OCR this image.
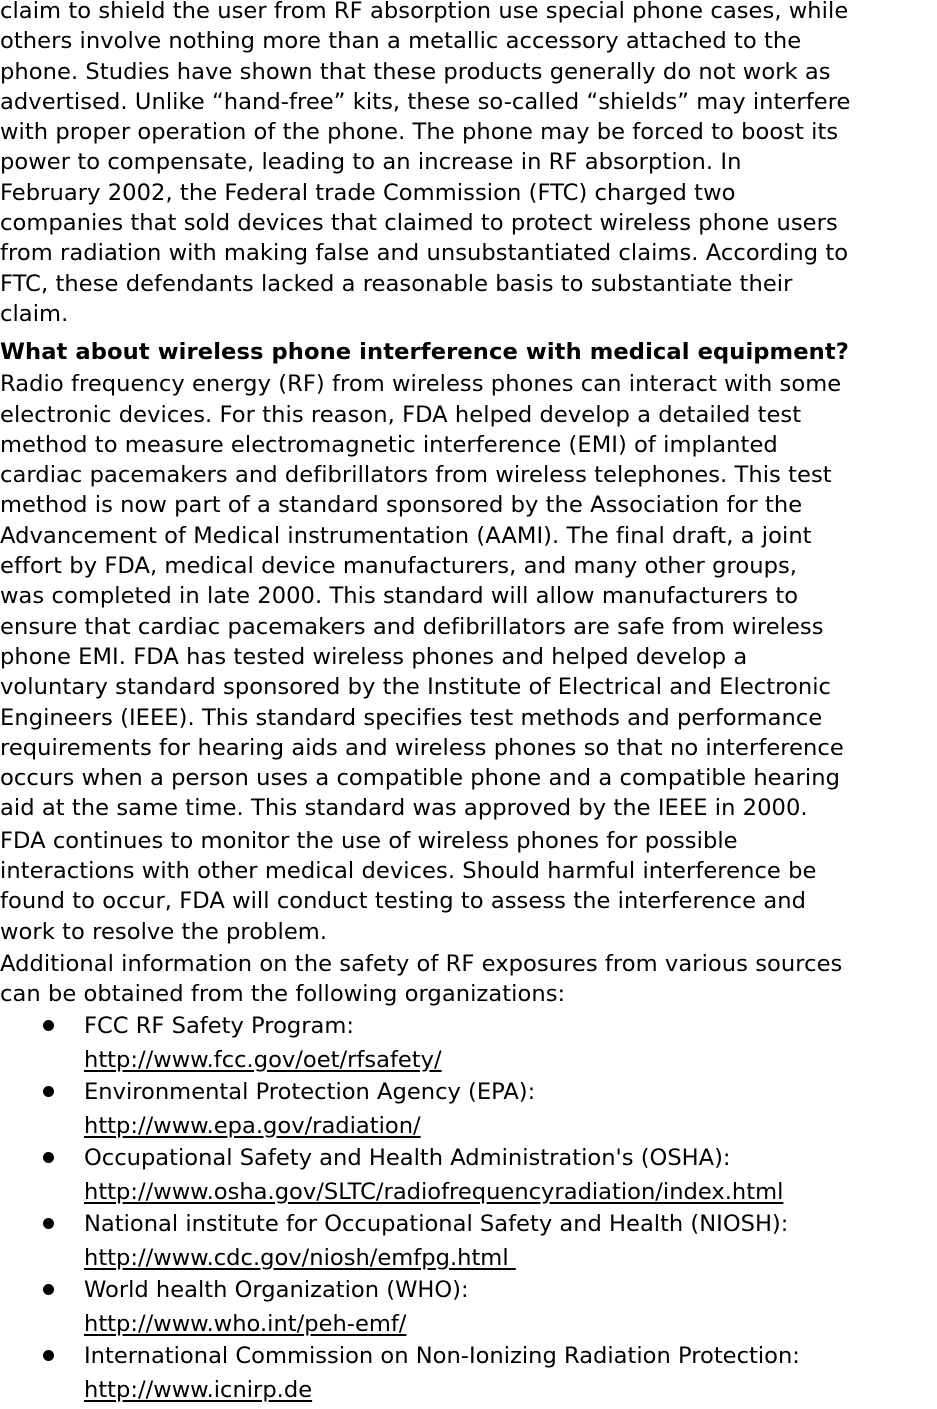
claim to shield the user from RF absorption use special phone cases, while
others involve nothing more than a metallic accessory attached to the
phone. Studies have shown that these products generally do not work as
advertised. Unlike “hand-free” kits, these so-called “shields” may interfere
with proper operation of the phone. The phone may be forced to boost its
power to compensate, leading to an increase in RF absorption. In
February 2002, the Federal trade Commission (FTC) charged two
companies that sold devices that claimed to protect wireless phone users
from radiation with making false and unsubstantiated claims. According to
FTC, these defendants lacked a reasonable basis to substantiate their
claim.

What about wireless phone interference with medical equipment?

Radio frequency energy (RF) from wireless phones can interact with some
electronic devices. For this reason, FDA helped develop a detailed test
method to measure electromagnetic interference (EMI) of implanted
cardiac pacemakers and defibrillators from wireless telephones. This test
method is now part of a standard sponsored by the Association for the
Advancement of Medical instrumentation (AAMI). The final draft, a joint
effort by FDA, medical device manufacturers, and many other groups,
was completed in late 2000. This standard will allow manufacturers to
ensure that cardiac pacemakers and defibrillators are safe from wireless
phone EMI. FDA has tested wireless phones and helped develop a
voluntary standard sponsored by the Institute of Electrical and Electronic
Engineers (IEEE). This standard specifies test methods and performance
requirements for hearing aids and wireless phones so that no interference
occurs when a person uses a compatible phone and a compatible hearing
aid at the same time. This standard was approved by the IEEE in 2000.

FDA continues to monitor the use of wireless phones for possible
interactions with other medical devices. Should harmful interference be
found to occur, FDA will conduct testing to assess the interference and
work to resolve the problem.

Additional information on the safety of RF exposures from various sources
can be obtained from the following organizations:

FCC RF Safety Program:
http://www.fcc.gov/oet/rfsafety/
Environmental Protection Agency (EPA):
http://www.epa.gov/radiation/
Occupational Safety and Health Administration's (OSHA):
http://www.osha.gov/SLTC/radiofrequencyradiation/index.html
National institute for Occupational Safety and Health (NIOSH):
http://www.cdc.gov/niosh/emfpg.html
World health Organization (WHO):
http://www.who.int/peh-emf/
International Commission on Non-Ionizing Radiation Protection:
http://www.icnirp.de
